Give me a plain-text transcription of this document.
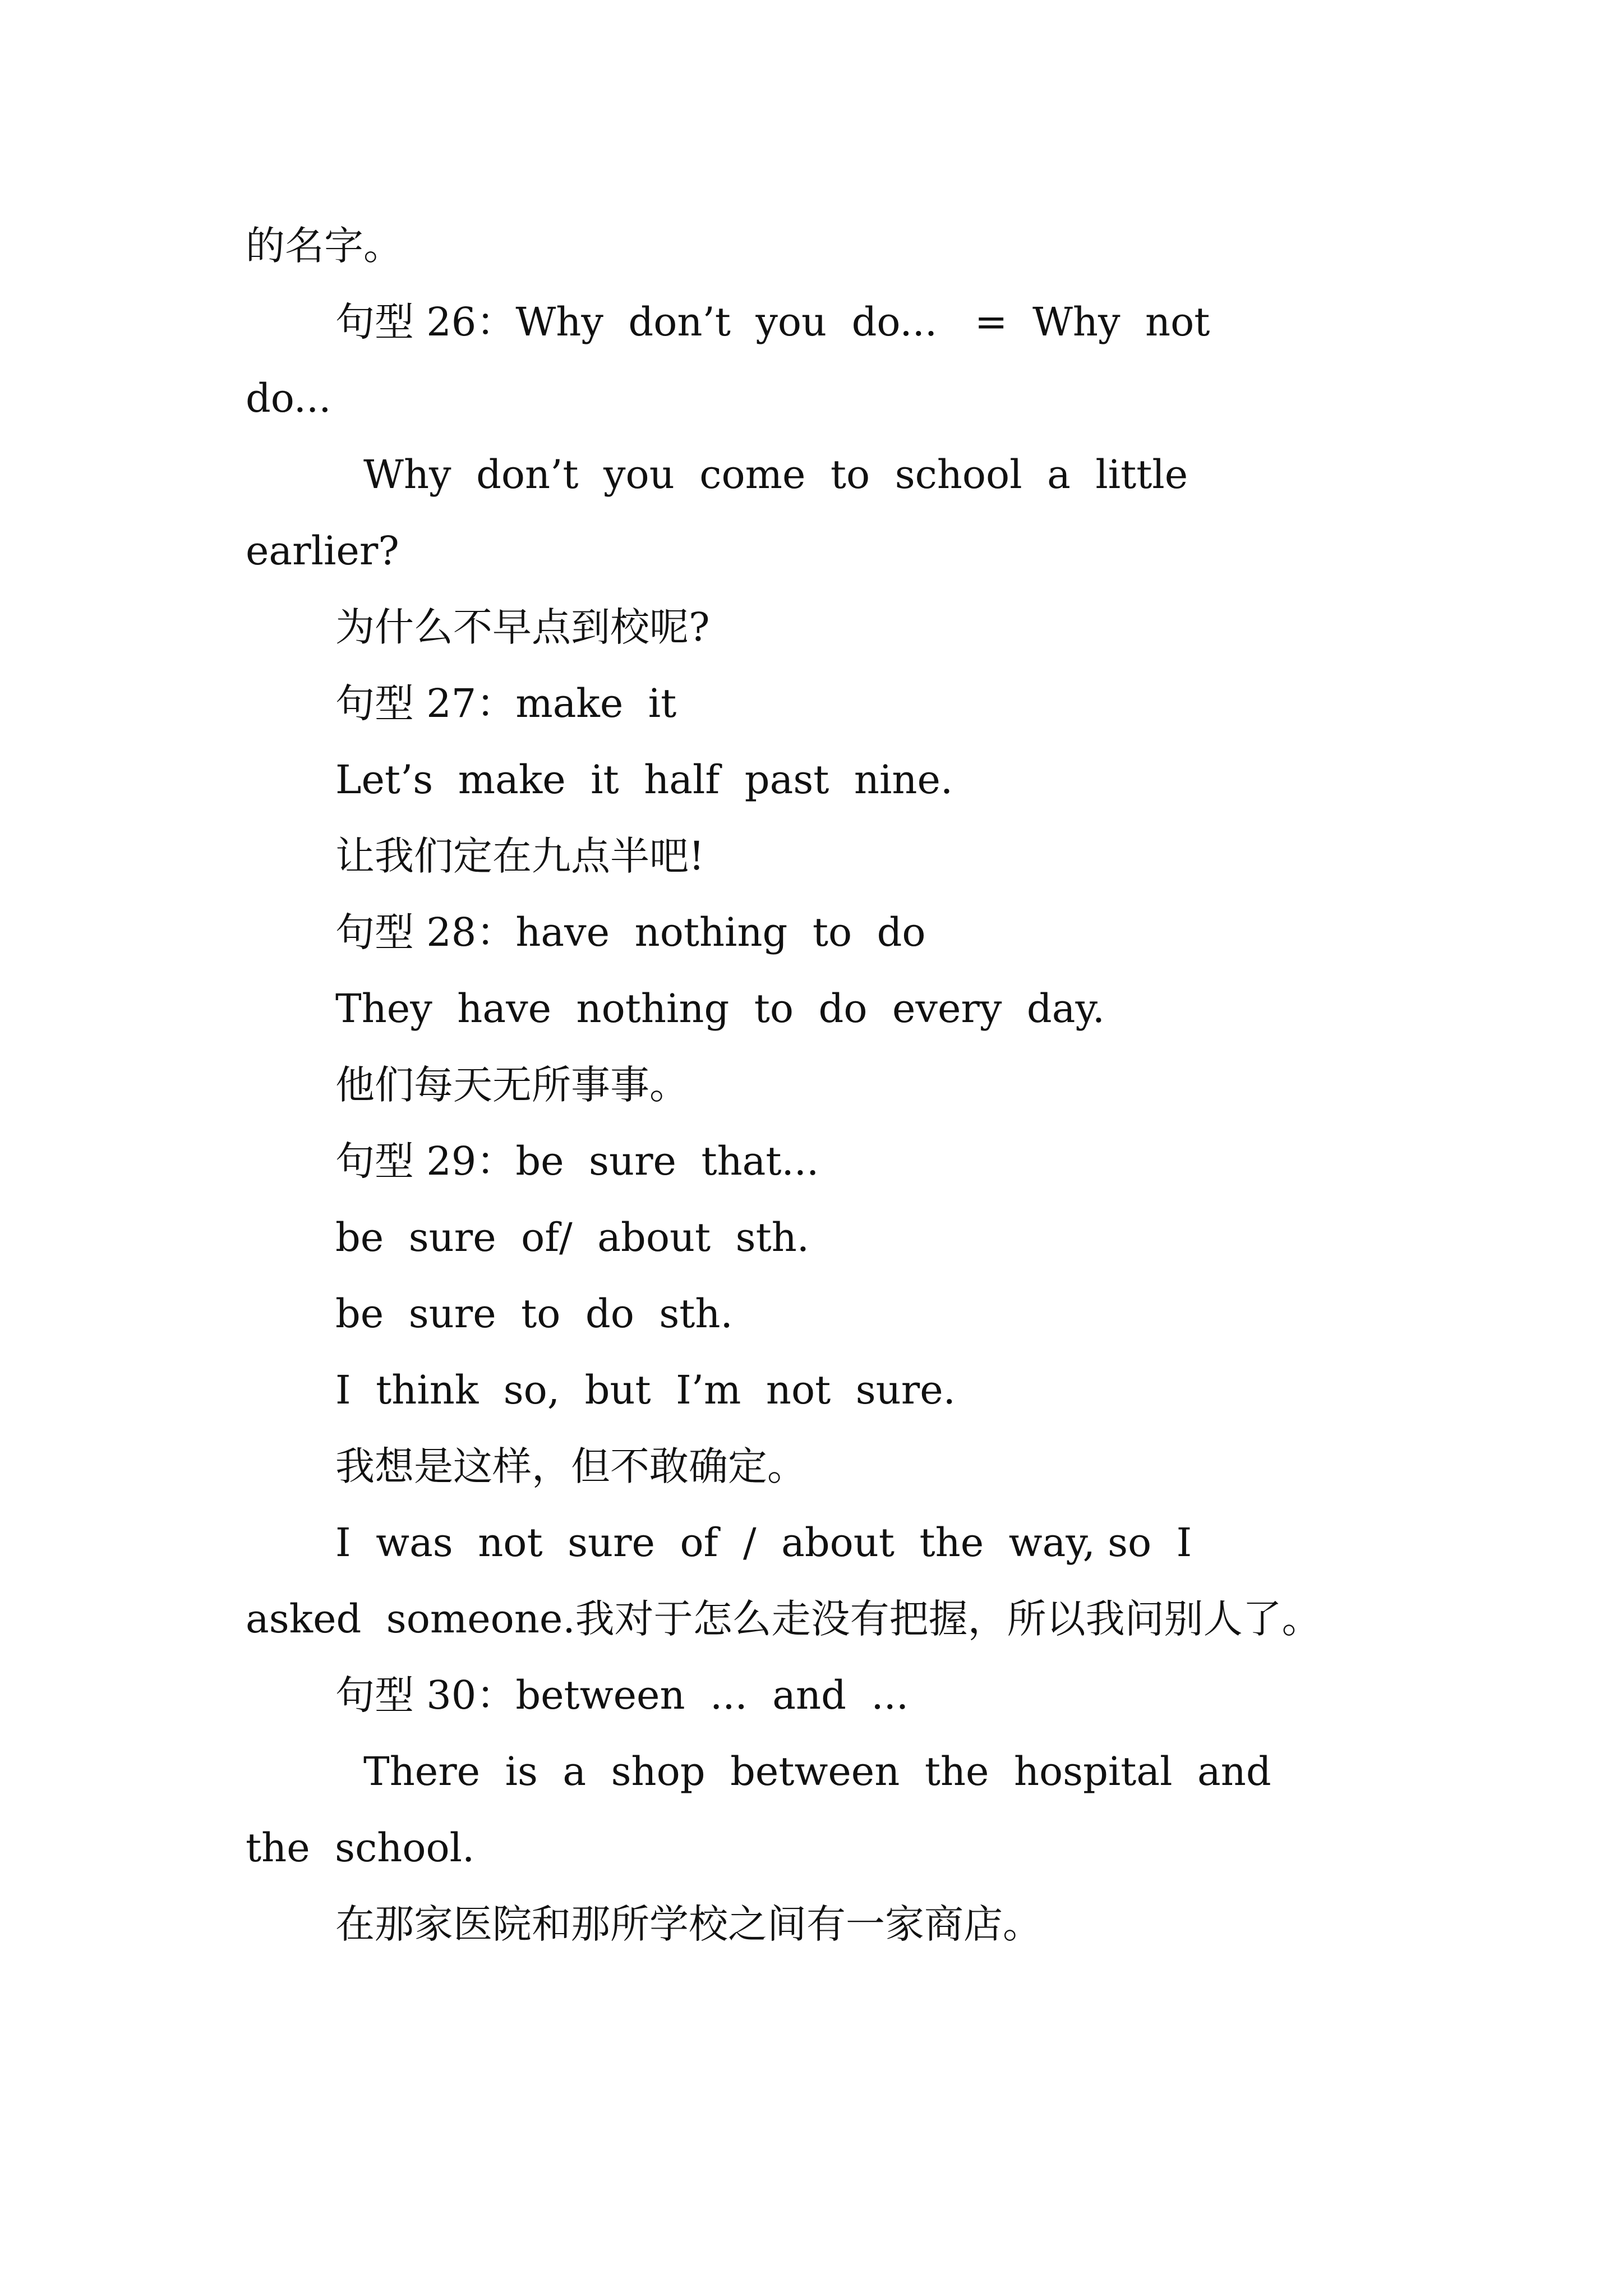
的名字。
句型 26：Why  don’t  you  do...   =  Why  not
do...
Why  don’t  you  come  to  school  a  little
earlier?
为什么不早点到校呢?
句型 27：make  it
Let’s  make  it  half  past  nine.
让我们定在九点半吧!
句型 28：have  nothing  to  do
They  have  nothing  to  do  every  day.
他们每天无所事事。
句型 29：be  sure  that...
be  sure  of/  about  sth.
be  sure  to  do  sth.
I  think  so,  but  I’m  not  sure.
我想是这样，但不敢确定。
I  was  not  sure  of  /  about  the  way, so  I
asked  someone.我对于怎么走没有把握，所以我问别人了。
句型 30：between  ...  and  ...
There  is  a  shop  between  the  hospital  and
the  school.
在那家医院和那所学校之间有一家商店。
